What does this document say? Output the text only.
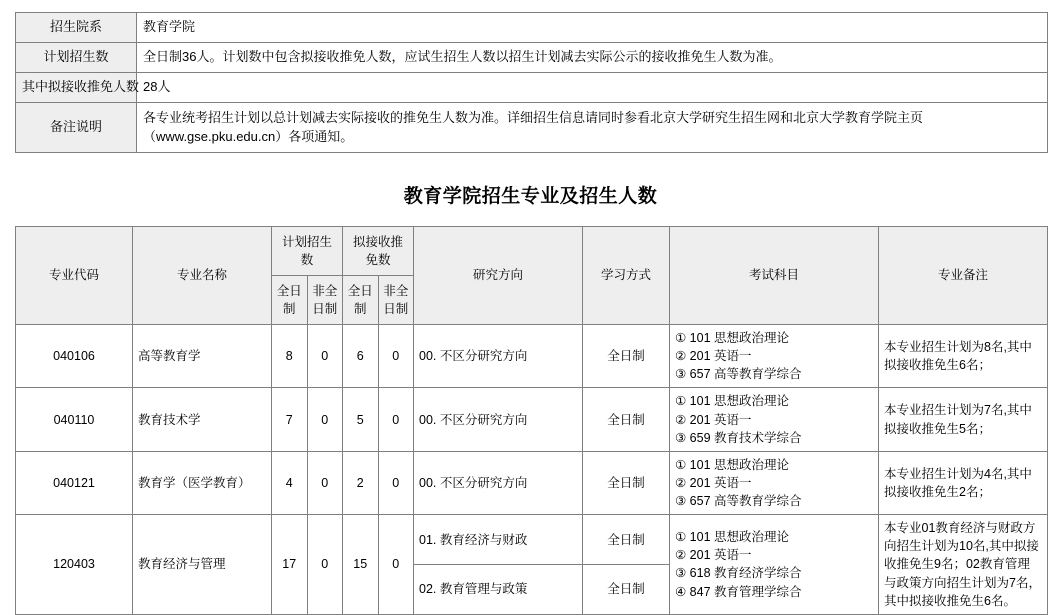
招生院系	教育学院
计划招生数	全日制36人。计划数中包含拟接收推免人数，应试生招生人数以招生计划减去实际公示的接收推免生人数为准。
其中拟接收推免人数	28人
备注说明	各专业统考招生计划以总计划减去实际接收的推免生人数为准。详细招生信息请同时参看北京大学研究生招生网和北京大学教育学院主页（www.gse.pku.edu.cn）各项通知。
教育学院招生专业及招生人数
专业代码	专业名称	计划招生数		拟接收推免数		研究方向	学习方式	考试科目	专业备注
		全日制	非全日制	全日制	非全日制				
040106	高等教育学	8	0	6	0	00. 不区分研究方向	全日制	① 101 思想政治理论
② 201 英语一
③ 657 高等教育学综合	本专业招生计划为8名,其中拟接收推免生6名；
040110	教育技术学	7	0	5	0	00. 不区分研究方向	全日制	① 101 思想政治理论
② 201 英语一
③ 659 教育技术学综合	本专业招生计划为7名,其中拟接收推免生5名；
040121	教育学（医学教育）	4	0	2	0	00. 不区分研究方向	全日制	① 101 思想政治理论
② 201 英语一
③ 657 高等教育学综合	本专业招生计划为4名,其中拟接收推免生2名；
120403	教育经济与管理	17	0	15	0	01. 教育经济与财政	全日制	① 101 思想政治理论
② 201 英语一
③ 618 教育经济学综合
④ 847 教育管理学综合	本专业01教育经济与财政方向招生计划为10名,其中拟接收推免生9名；02教育管理与政策方向招生计划为7名，其中拟接收推免生6名。
						02. 教育管理与政策	全日制		
